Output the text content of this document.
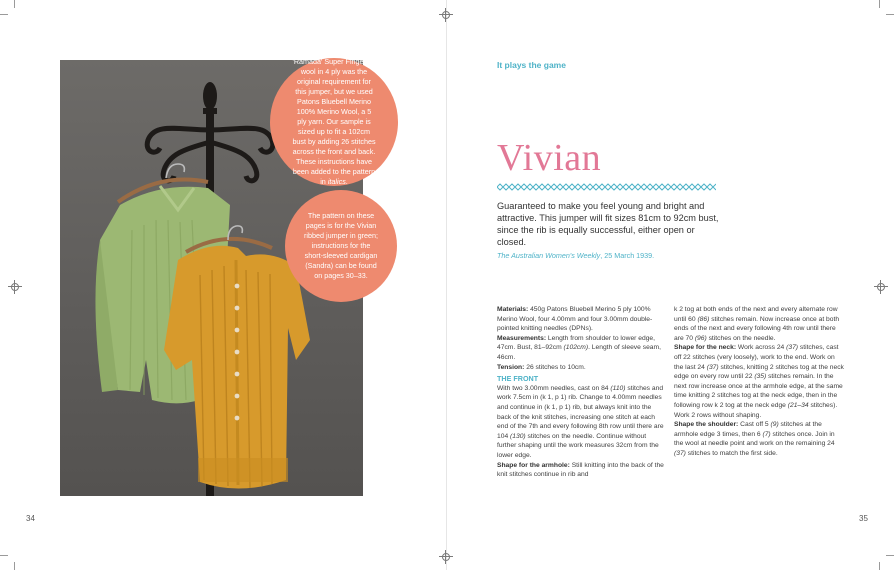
'Ramada' Super Fingering wool in 4 ply was the original requirement for this jumper, but we used Patons Bluebell Merino 100% Merino Wool, a 5 ply yarn. Our sample is sized up to fit a 102cm bust by adding 26 stitches across the front and back. These instructions have been added to the pattern in italics.
The pattern on these pages is for the Vivian ribbed jumper in green; instructions for the short-sleeved cardigan (Sandra) can be found on pages 30–33.
34	35
It plays the game
Vivian
Guaranteed to make you feel young and bright and attractive. This jumper will fit sizes 81cm to 92cm bust, since the rib is equally successful, either open or closed.
The Australian Women's Weekly, 25 March 1939.

Materials: 450g Patons Bluebell Merino 5 ply 100% Merino Wool, four 4.00mm and four 3.00mm double-pointed knitting needles (DPNs).

Measurements: Length from shoulder to lower edge, 47cm. Bust, 81–92cm (102cm). Length of sleeve seam, 46cm.

Tension: 26 stitches to 10cm.

THE FRONT

With two 3.00mm needles, cast on 84 (110) stitches and work 7.5cm in (k 1, p 1) rib. Change to 4.00mm needles and continue in (k 1, p 1) rib, but always knit into the back of the knit stitches, increasing one stitch at each end of the 7th and every following 8th row until there are 104 (130) stitches on the needle. Continue without further shaping until the work measures 32cm from the lower edge.

Shape for the armhole: Still knitting into the back of the knit stitches continue in rib and

k 2 tog at both ends of the next and every alternate row until 60 (86) stitches remain. Now increase once at both ends of the next and every following 4th row until there are 70 (96) stitches on the needle.

Shape for the neck: Work across 24 (37) stitches, cast off 22 stitches (very loosely), work to the end. Work on the last 24 (37) stitches, knitting 2 stitches tog at the neck edge on every row until 22 (35) stitches remain. In the next row increase once at the armhole edge, at the same time knitting 2 stitches tog at the neck edge, then in the following row k 2 tog at the neck edge (21–34 stitches).

Work 2 rows without shaping.

Shape the shoulder: Cast off 5 (9) stitches at the armhole edge 3 times, then 6 (7) stitches once. Join in the wool at needle point and work on the remaining 24 (37) stitches to match the first side.
